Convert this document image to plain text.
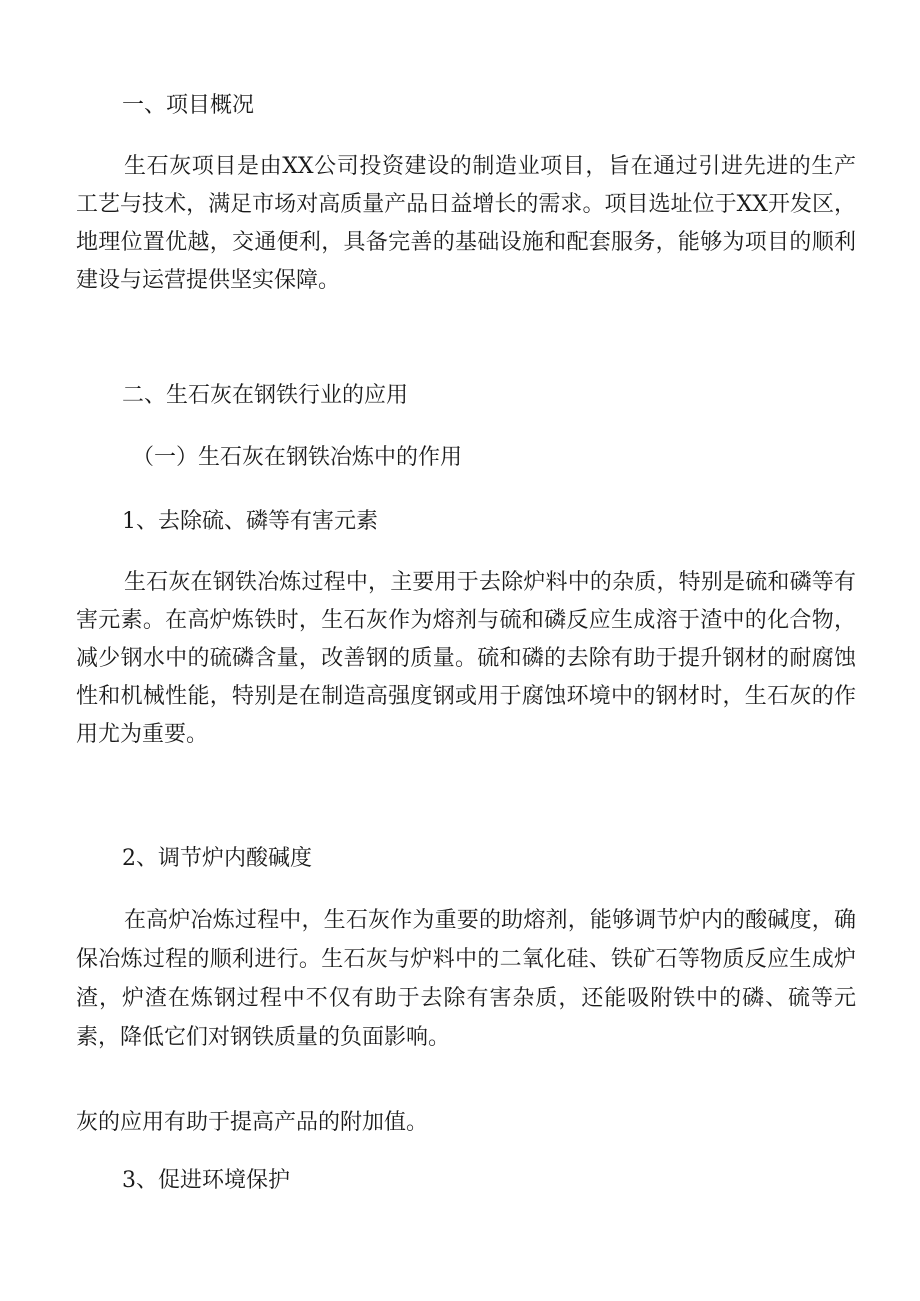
一、项目概况
生石灰项目是由XX公司投资建设的制造业项目，旨在通过引进先进的生产工艺与技术，满足市场对高质量产品日益增长的需求。项目选址位于XX开发区，地理位置优越，交通便利，具备完善的基础设施和配套服务，能够为项目的顺利建设与运营提供坚实保障。
二、生石灰在钢铁行业的应用
（一）生石灰在钢铁冶炼中的作用
1、去除硫、磷等有害元素
生石灰在钢铁冶炼过程中，主要用于去除炉料中的杂质，特别是硫和磷等有害元素。在高炉炼铁时，生石灰作为熔剂与硫和磷反应生成溶于渣中的化合物，减少钢水中的硫磷含量，改善钢的质量。硫和磷的去除有助于提升钢材的耐腐蚀性和机械性能，特别是在制造高强度钢或用于腐蚀环境中的钢材时，生石灰的作用尤为重要。
2、调节炉内酸碱度
在高炉冶炼过程中，生石灰作为重要的助熔剂，能够调节炉内的酸碱度，确保冶炼过程的顺利进行。生石灰与炉料中的二氧化硅、铁矿石等物质反应生成炉渣，炉渣在炼钢过程中不仅有助于去除有害杂质，还能吸附铁中的磷、硫等元素，降低它们对钢铁质量的负面影响。
灰的应用有助于提高产品的附加值。
3、促进环境保护
